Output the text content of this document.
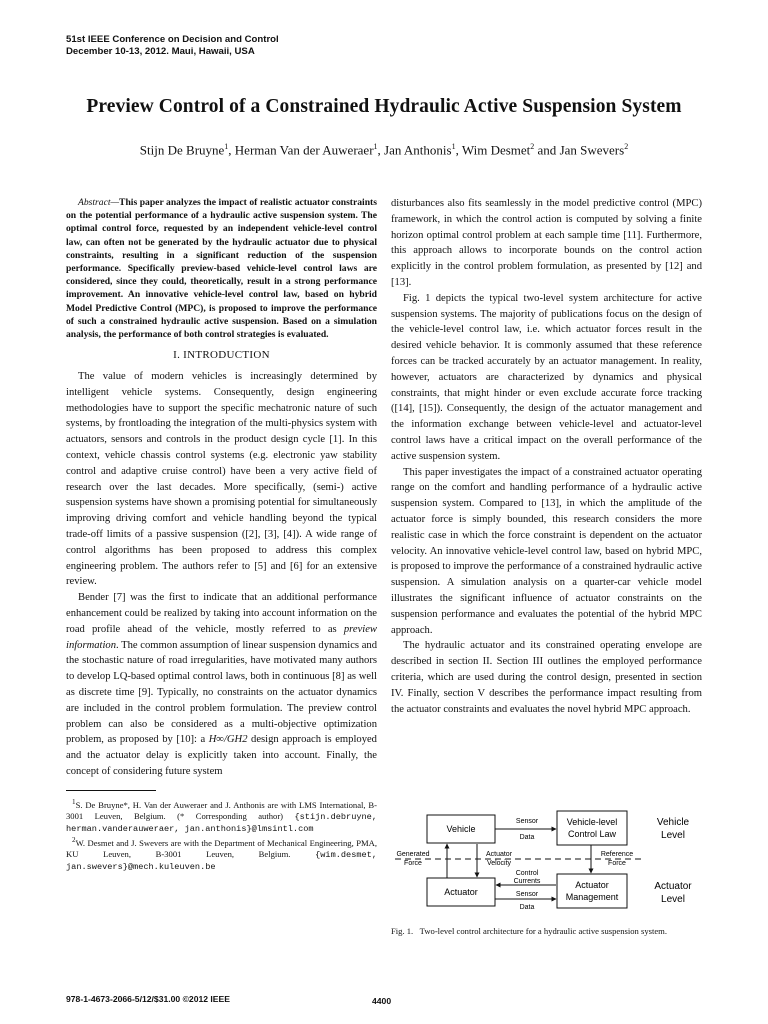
51st IEEE Conference on Decision and Control
December 10-13, 2012. Maui, Hawaii, USA
Preview Control of a Constrained Hydraulic Active Suspension System
Stijn De Bruyne$^1$, Herman Van der Auweraer$^1$, Jan Anthonis$^1$, Wim Desmet$^2$ and Jan Swevers$^2$
Abstract—This paper analyzes the impact of realistic actuator constraints on the potential performance of a hydraulic active suspension system. The optimal control force, requested by an independent vehicle-level control law, can often not be generated by the hydraulic actuator due to physical constraints, resulting in a significant reduction of the suspension performance. Specifically preview-based vehicle-level control laws are considered, since they could, theoretically, result in a strong performance improvement. An innovative vehicle-level control law, based on hybrid Model Predictive Control (MPC), is proposed to improve the performance of such a constrained hydraulic active suspension. Based on a simulation analysis, the performance of both control strategies is evaluated.
I. INTRODUCTION

The value of modern vehicles is increasingly determined by intelligent vehicle systems. Consequently, design engineering methodologies have to support the specific mechatronic nature of such systems, by frontloading the integration of the multi-physics system with actuators, sensors and controls in the product design cycle [1]. In this context, vehicle chassis control systems (e.g. electronic yaw stability control and adaptive cruise control) have been a very active field of research over the last decades. More specifically, (semi-) active suspension systems have shown a promising potential for simultaneously improving driving comfort and vehicle handling beyond the typical trade-off limits of a passive suspension ([2], [3], [4]). A wide range of control algorithms has been proposed to address this complex engineering problem. The authors refer to [5] and [6] for an extensive review.

Bender [7] was the first to indicate that an additional performance enhancement could be realized by taking into account information on the road profile ahead of the vehicle, mostly referred to as preview information. The common assumption of linear suspension dynamics and the stochastic nature of road irregularities, have motivated many authors to develop LQ-based optimal control laws, both in continuous [8] as well as discrete time [9]. Typically, no constraints on the actuator dynamics are included in the control problem formulation. The preview control problem can also be considered as a multi-objective optimization problem, as proposed by [10]: a H∞/GH2 design approach is employed and the actuator delay is explicitly taken into account. Finally, the concept of considering future system

$^1$S. De Bruyne*, H. Van der Auweraer and J. Anthonis are with LMS International, B-3001 Leuven, Belgium. (* Corresponding author) {stijn.debruyne, herman.vanderauweraer, jan.anthonis}@lmsintl.com

$^2$W. Desmet and J. Swevers are with the Department of Mechanical Engineering, PMA, KU Leuven, B-3001 Leuven, Belgium. {wim.desmet, jan.swevers}@mech.kuleuven.be

disturbances also fits seamlessly in the model predictive control (MPC) framework, in which the control action is computed by solving a finite horizon optimal control problem at each sample time [11]. Furthermore, this approach allows to incorporate bounds on the control action explicitly in the control problem formulation, as presented by [12] and [13].

Fig. 1 depicts the typical two-level system architecture for active suspension systems. The majority of publications focus on the design of the vehicle-level control law, i.e. which actuator forces result in the desired vehicle behavior. It is commonly assumed that these reference forces can be tracked accurately by an actuator management. In reality, however, actuators are characterized by dynamics and physical constraints, that might hinder or even exclude accurate force tracking ([14], [15]). Consequently, the design of the actuator management and the information exchange between vehicle-level and actuator-level control laws have a critical impact on the overall performance of the active suspension system.

This paper investigates the impact of a constrained actuator operating range on the comfort and handling performance of a hydraulic active suspension system. Compared to [13], in which the amplitude of the actuator force is simply bounded, this research considers the more realistic case in which the force constraint is dependent on the actuator velocity. An innovative vehicle-level control law, based on hybrid MPC, is proposed to improve the performance of a constrained hydraulic active suspension. A simulation analysis on a quarter-car vehicle model illustrates the significant influence of actuator constraints on the suspension performance and evaluates the potential of the hybrid MPC approach.

The hydraulic actuator and its constrained operating envelope are described in section II. Section III outlines the employed performance criteria, which are used during the control design, presented in section IV. Finally, section V describes the performance impact resulting from the actuator constraints and evaluates the novel hybrid MPC approach.

Vehicle
Vehicle-level
Control Law
Vehicle
Level
Sensor
Data
Generated
Force
Actuator
Velocity
Reference
Force
Actuator
Control
Currents
Sensor
Data
Actuator
Management
Actuator
Level
Fig. 1. Two-level control architecture for a hydraulic active suspension system.
978-1-4673-2066-5/12/$31.00 ©2012 IEEE	4400
